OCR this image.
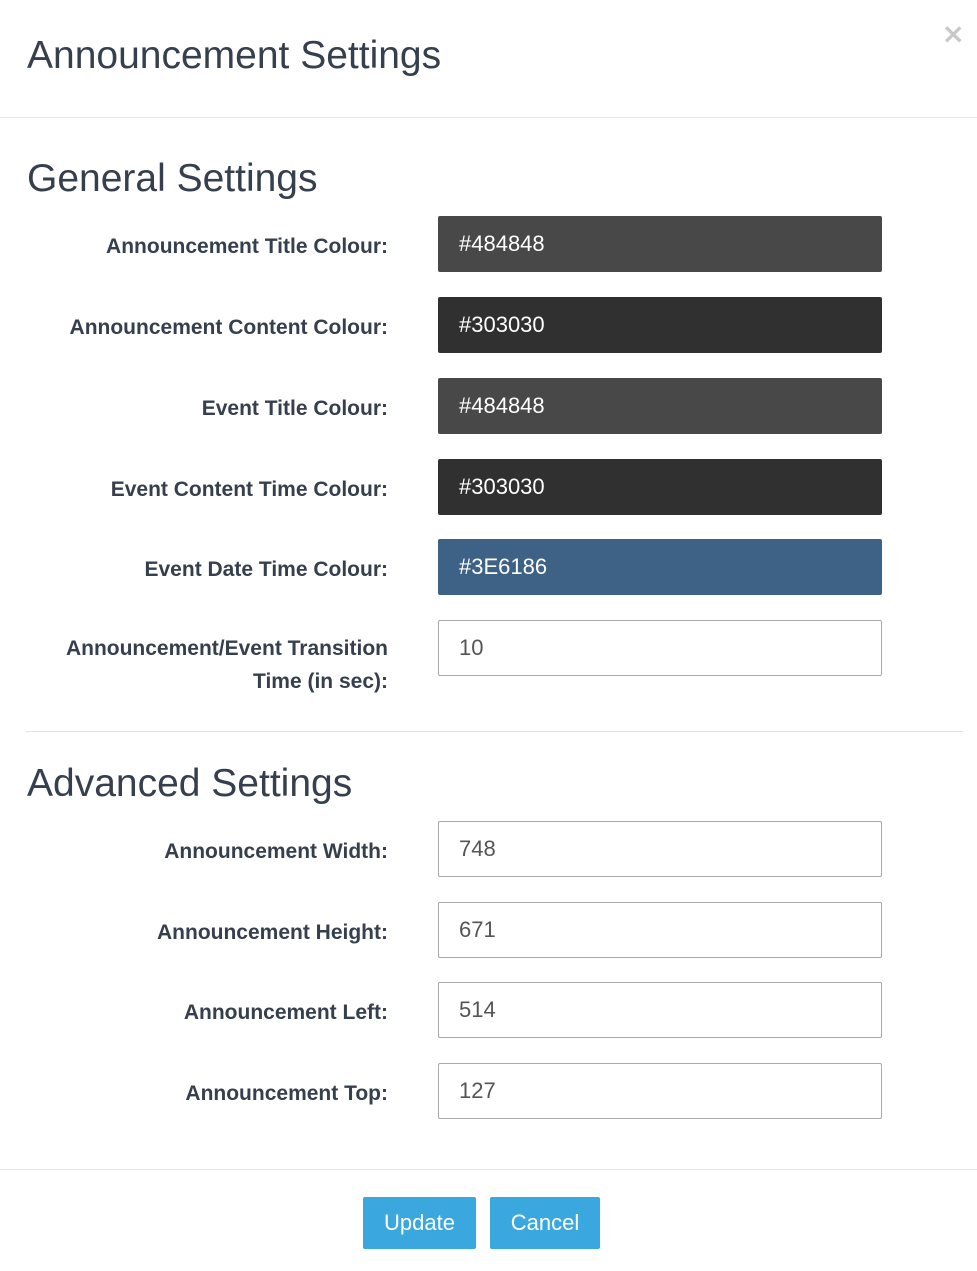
Announcement Settings
×
General Settings
Announcement Title Colour:
#484848
Announcement Content Colour:
#303030
Event Title Colour:
#484848
Event Content Time Colour:
#303030
Event Date Time Colour:
#3E6186
Announcement/Event Transition
Time (in sec):
10
Advanced Settings
Announcement Width:
748
Announcement Height:
671
Announcement Left:
514
Announcement Top:
127
Update	Cancel
